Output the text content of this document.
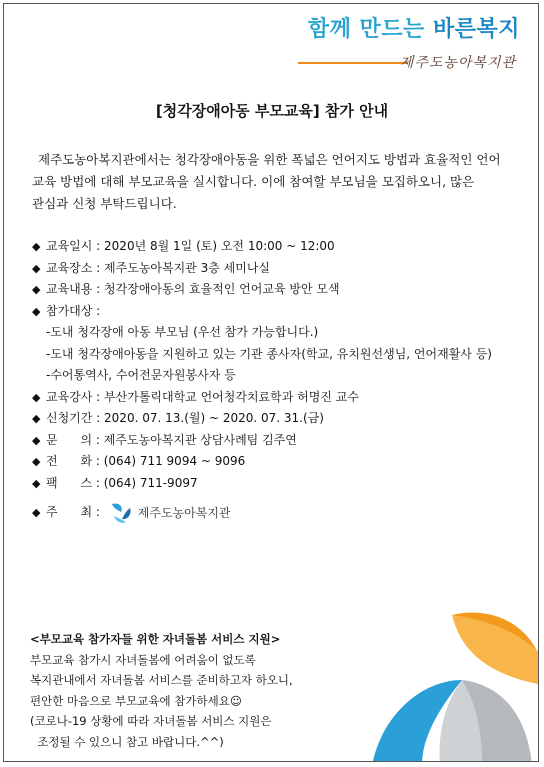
함께 만드는 바른복지
제주도농아복지관
[청각장애아동 부모교육] 참가 안내

제주도농아복지관에서는 청각장애아동을 위한 폭넓은 언어지도 방법과 효율적인 언어

교육 방법에 대해 부모교육을 실시합니다. 이에 참여할 부모님을 모집하오니, 많은

관심과 신청 부탁드립니다.

◆ 교육일시 : 2020년 8월 1일 (토) 오전 10:00 ~ 12:00
◆ 교육장소 : 제주도농아복지관 3층 세미나실
◆ 교육내용 : 청각장애아동의 효율적인 언어교육 방안 모색
◆ 참가대상 :
-도내 청각장애 아동 부모님 (우선 참가 가능합니다.)
-도내 청각장애아동을 지원하고 있는 기관 종사자(학교, 유치원선생님, 언어재활사 등)
-수어통역사, 수어전문자원봉사자 등
◆ 교육강사 : 부산가톨릭대학교 언어청각치료학과 허명진 교수
◆ 신청기간 : 2020. 07. 13.(월) ~ 2020. 07. 31.(금)
◆ 문      의 : 제주도농아복지관 상담사례팀 김주연
◆ 전      화 : (064) 711 9094 ~ 9096
◆ 팩      스 : (064) 711-9097
◆ 주      최 :	제주도농아복지관
<부모교육 참가자들 위한 자녀돌봄 서비스 지원>
부모교육 참가시 자녀돌봄에 어려움이 없도록
복지관내에서 자녀돌봄 서비스를 준비하고자 하오니,
편안한 마음으로 부모교육에 참가하세요☺
(코로나-19 상황에 따라 자녀돌봄 서비스 지원은
조정될 수 있으니 참고 바랍니다.^^)
